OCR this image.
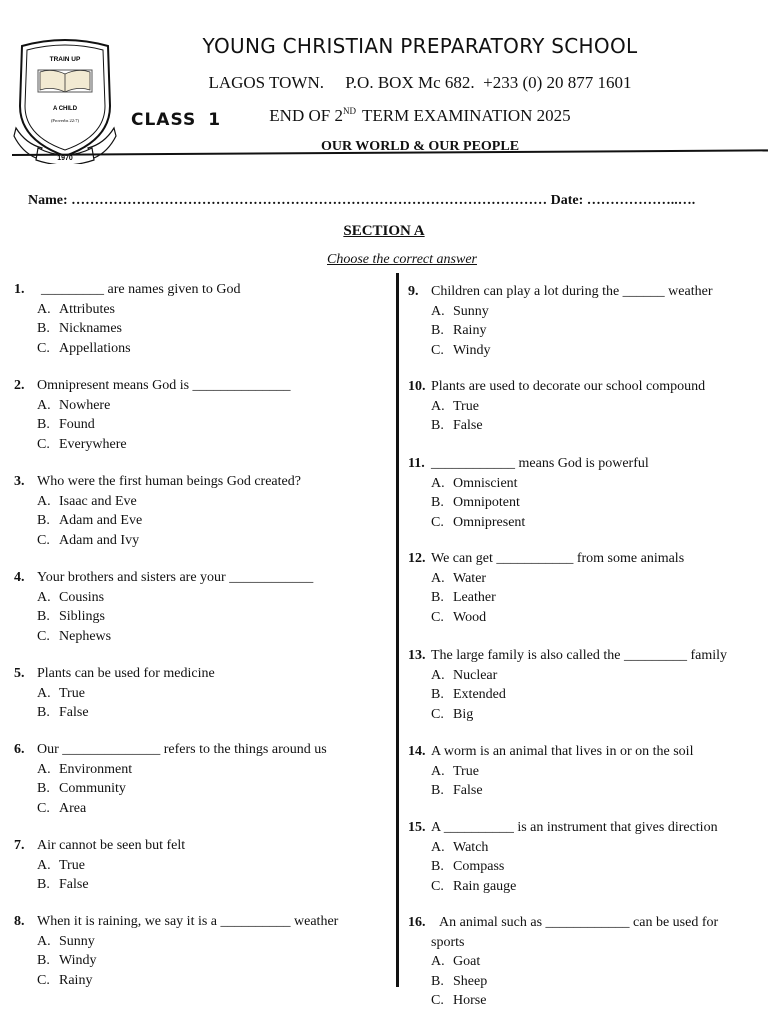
TRAIN UP
A CHILD
(Proverbs 22:7)
1970
YOUNG CHRISTIAN PREPARATORY SCHOOL
LAGOS TOWN.     P.O. BOX Mc 682.  +233 (0) 20 877 1601
CLASS 1	END OF 2ND TERM EXAMINATION 2025
OUR WORLD & OUR PEOPLE
Name: ………………………………………………………………………………………… Date: ………………..….
SECTION A
Choose the correct answer
1. _________ are names given to God
A. Attributes
B. Nicknames
C. Appellations
2. Omnipresent means God is ______________
A. Nowhere
B. Found
C. Everywhere
3. Who were the first human beings God created?
A. Isaac and Eve
B. Adam and Eve
C. Adam and Ivy
4. Your brothers and sisters are your ____________
A. Cousins
B. Siblings
C. Nephews
5. Plants can be used for medicine
A. True
B. False
6. Our ______________ refers to the things around us
A. Environment
B. Community
C. Area
7. Air cannot be seen but felt
A. True
B. False
8. When it is raining, we say it is a __________ weather
A. Sunny
B. Windy
C. Rainy
9. Children can play a lot during the ______ weather
A. Sunny
B. Rainy
C. Windy
10. Plants are used to decorate our school compound
A. True
B. False
11. ____________ means God is powerful
A. Omniscient
B. Omnipotent
C. Omnipresent
12. We can get ___________ from some animals
A. Water
B. Leather
C. Wood
13. The large family is also called the _________ family
A. Nuclear
B. Extended
C. Big
14. A worm is an animal that lives in or on the soil
A. True
B. False
15. A __________ is an instrument that gives direction
A. Watch
B. Compass
C. Rain gauge
16. An animal such as ____________ can be used for
sports
A. Goat
B. Sheep
C. Horse
